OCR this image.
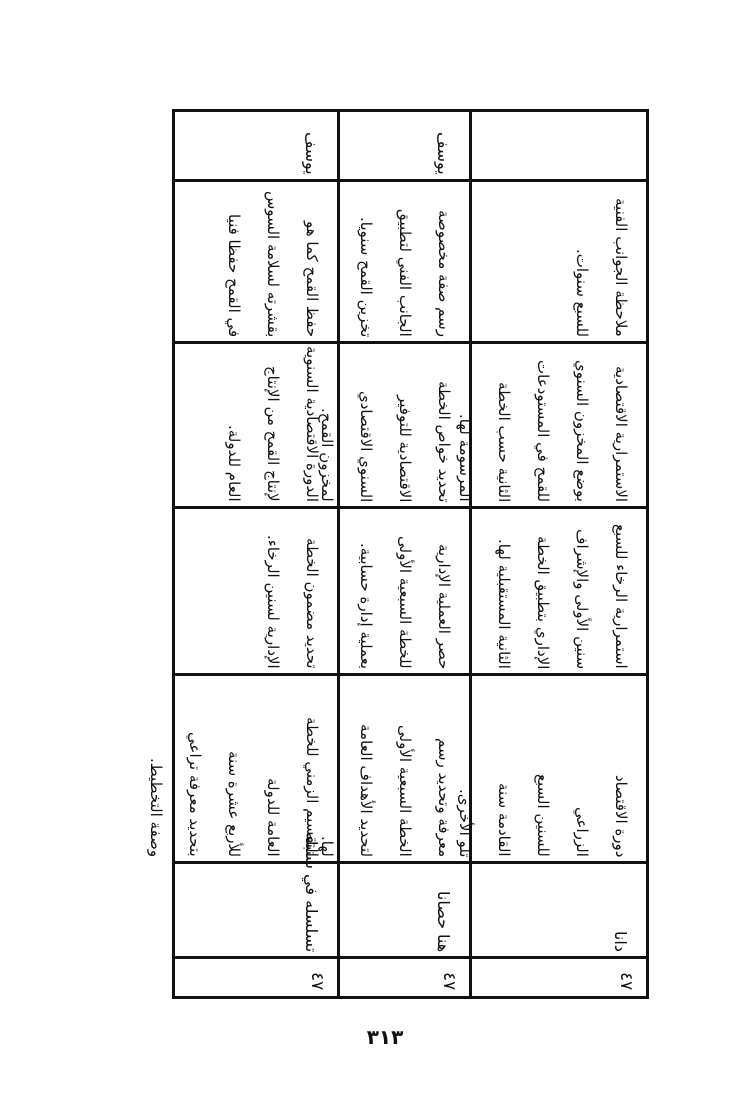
٤٧

دانا

دورة الاقتصاد

الزراعي

للسنين السبع

القادمة سنة

تلو الأخرى.

استمرارية الرخاء للسبع

سنين الأولى والإشراف

الإداري بتطبيق الخطة

الثانية المستقبلية لها.

الاستمرارية الاقتصادية

بوضع المخزون السنوي

للقمح في المستودعات

الثانية حسب الخطة

المرسومة لها.

ملاحظة الجوانب الفنية

للسبع سنوات.

٤٧

هنا حصانا

معرفة وتحديد رسم

الخطة السبعية الأولى

لتحديد الأهداف العامة

لها.

حصر العملية الإدارية

للخطة السبعية الأولى

بعملية إدارة حسابية.

تحديد خواص الخطة

الاقتصادية للتوفير

السنوي الاقتصادي

لمخزون القمح.

رسم صفة مخصوصة

الجانب الفني لتطبيق

تخزين القمح سنويا.

يوسف

٤٧

تسلسله في سنبله

التقسيم الزمني للخطة

العامة للدولة

للأربع عشرة سنة

بتحديد معرفة تراعي

وصفة التخطيط.

تحديد مضمون الخطة

الإدارية لسنين الرخاء.

الدورة الاقتصادية السنوية

لإنتاج القمح من الإنتاج

العام للدولة.

حفظ القمح كما هو

بقشرته لسلامة السوس

في القمح حفظا فنيا

يوسف

٣١٣
